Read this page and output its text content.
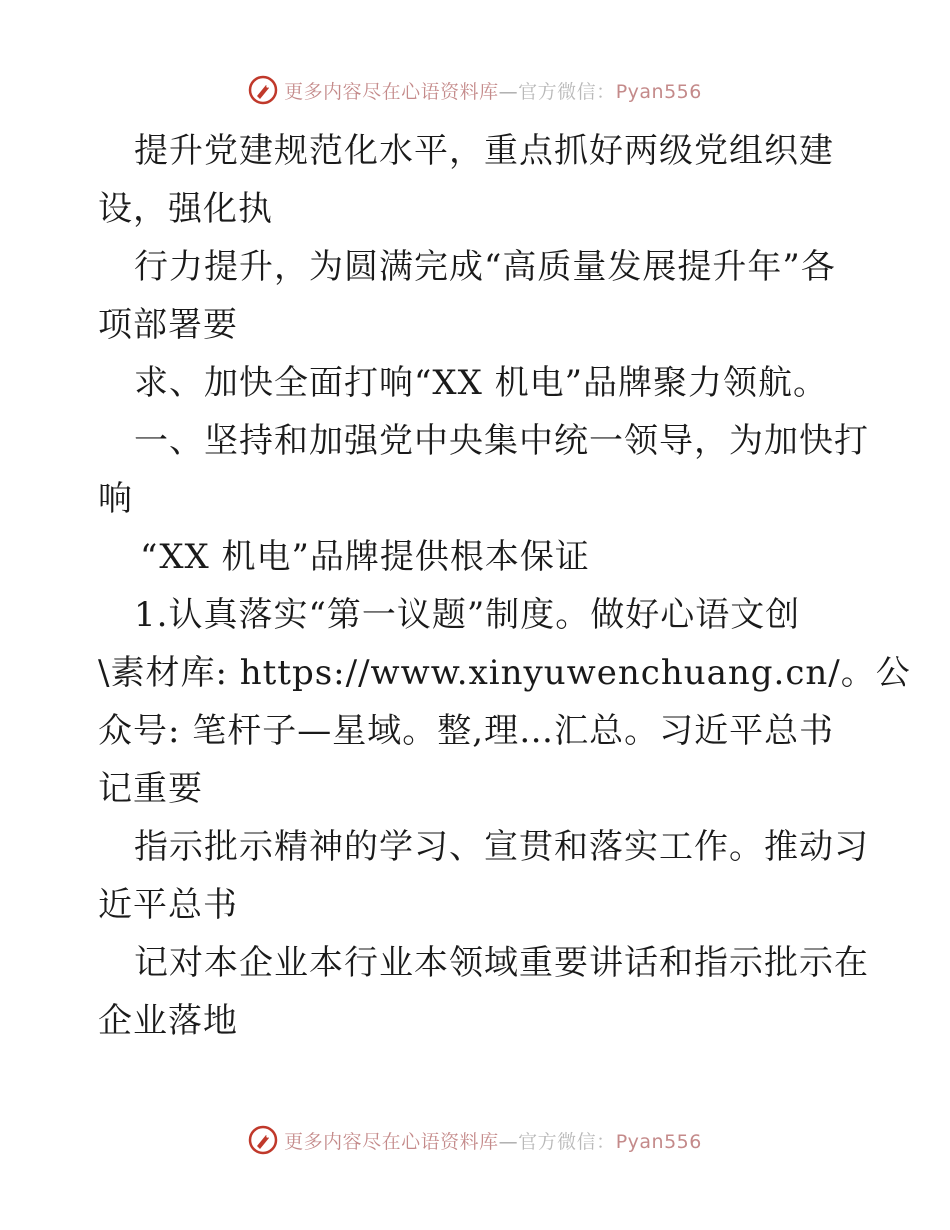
更多内容尽在心语资料库—官方微信：Pyan556
提升党建规范化水平，重点抓好两级党组织建
设，强化执
行力提升，为圆满完成“高质量发展提升年”各
项部署要
求、加快全面打响“XX 机电”品牌聚力领航。
一、坚持和加强党中央集中统一领导，为加快打
响
“XX 机电”品牌提供根本保证
1.认真落实“第一议题”制度。做好心语文创
\素材库: https://www.xinyuwenchuang.cn/。公
众号: 笔杆子—星域。整,理…汇总。习近平总书
记重要
指示批示精神的学习、宣贯和落实工作。推动习
近平总书
记对本企业本行业本领域重要讲话和指示批示在
企业落地
更多内容尽在心语资料库—官方微信：Pyan556
